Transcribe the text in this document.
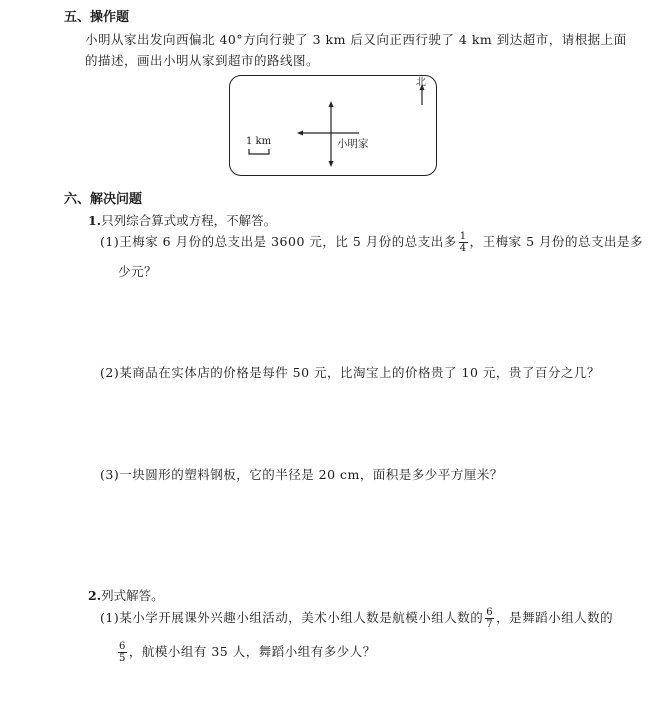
五、操作题
小明从家出发向西偏北 40°方向行驶了 3 km 后又向正西行驶了 4 km 到达超市，请根据上面
的描述，画出小明从家到超市的路线图。
北
1 km	小明家
六、解决问题
1.只列综合算式或方程，不解答。
(1)王梅家 6 月份的总支出是 3600 元，比 5 月份的总支出多 $\frac{1}{4}$ ，王梅家 5 月份的总支出是多
少元？
(2)某商品在实体店的价格是每件 50 元，比淘宝上的价格贵了 10 元，贵了百分之几？
(3)一块圆形的塑料钢板，它的半径是 20 cm，面积是多少平方厘米？
2.列式解答。
(1)某小学开展课外兴趣小组活动，美术小组人数是航模小组人数的 $\frac{6}{7}$ ，是舞蹈小组人数的
$\frac{6}{5}$ ，航模小组有 35 人，舞蹈小组有多少人？
